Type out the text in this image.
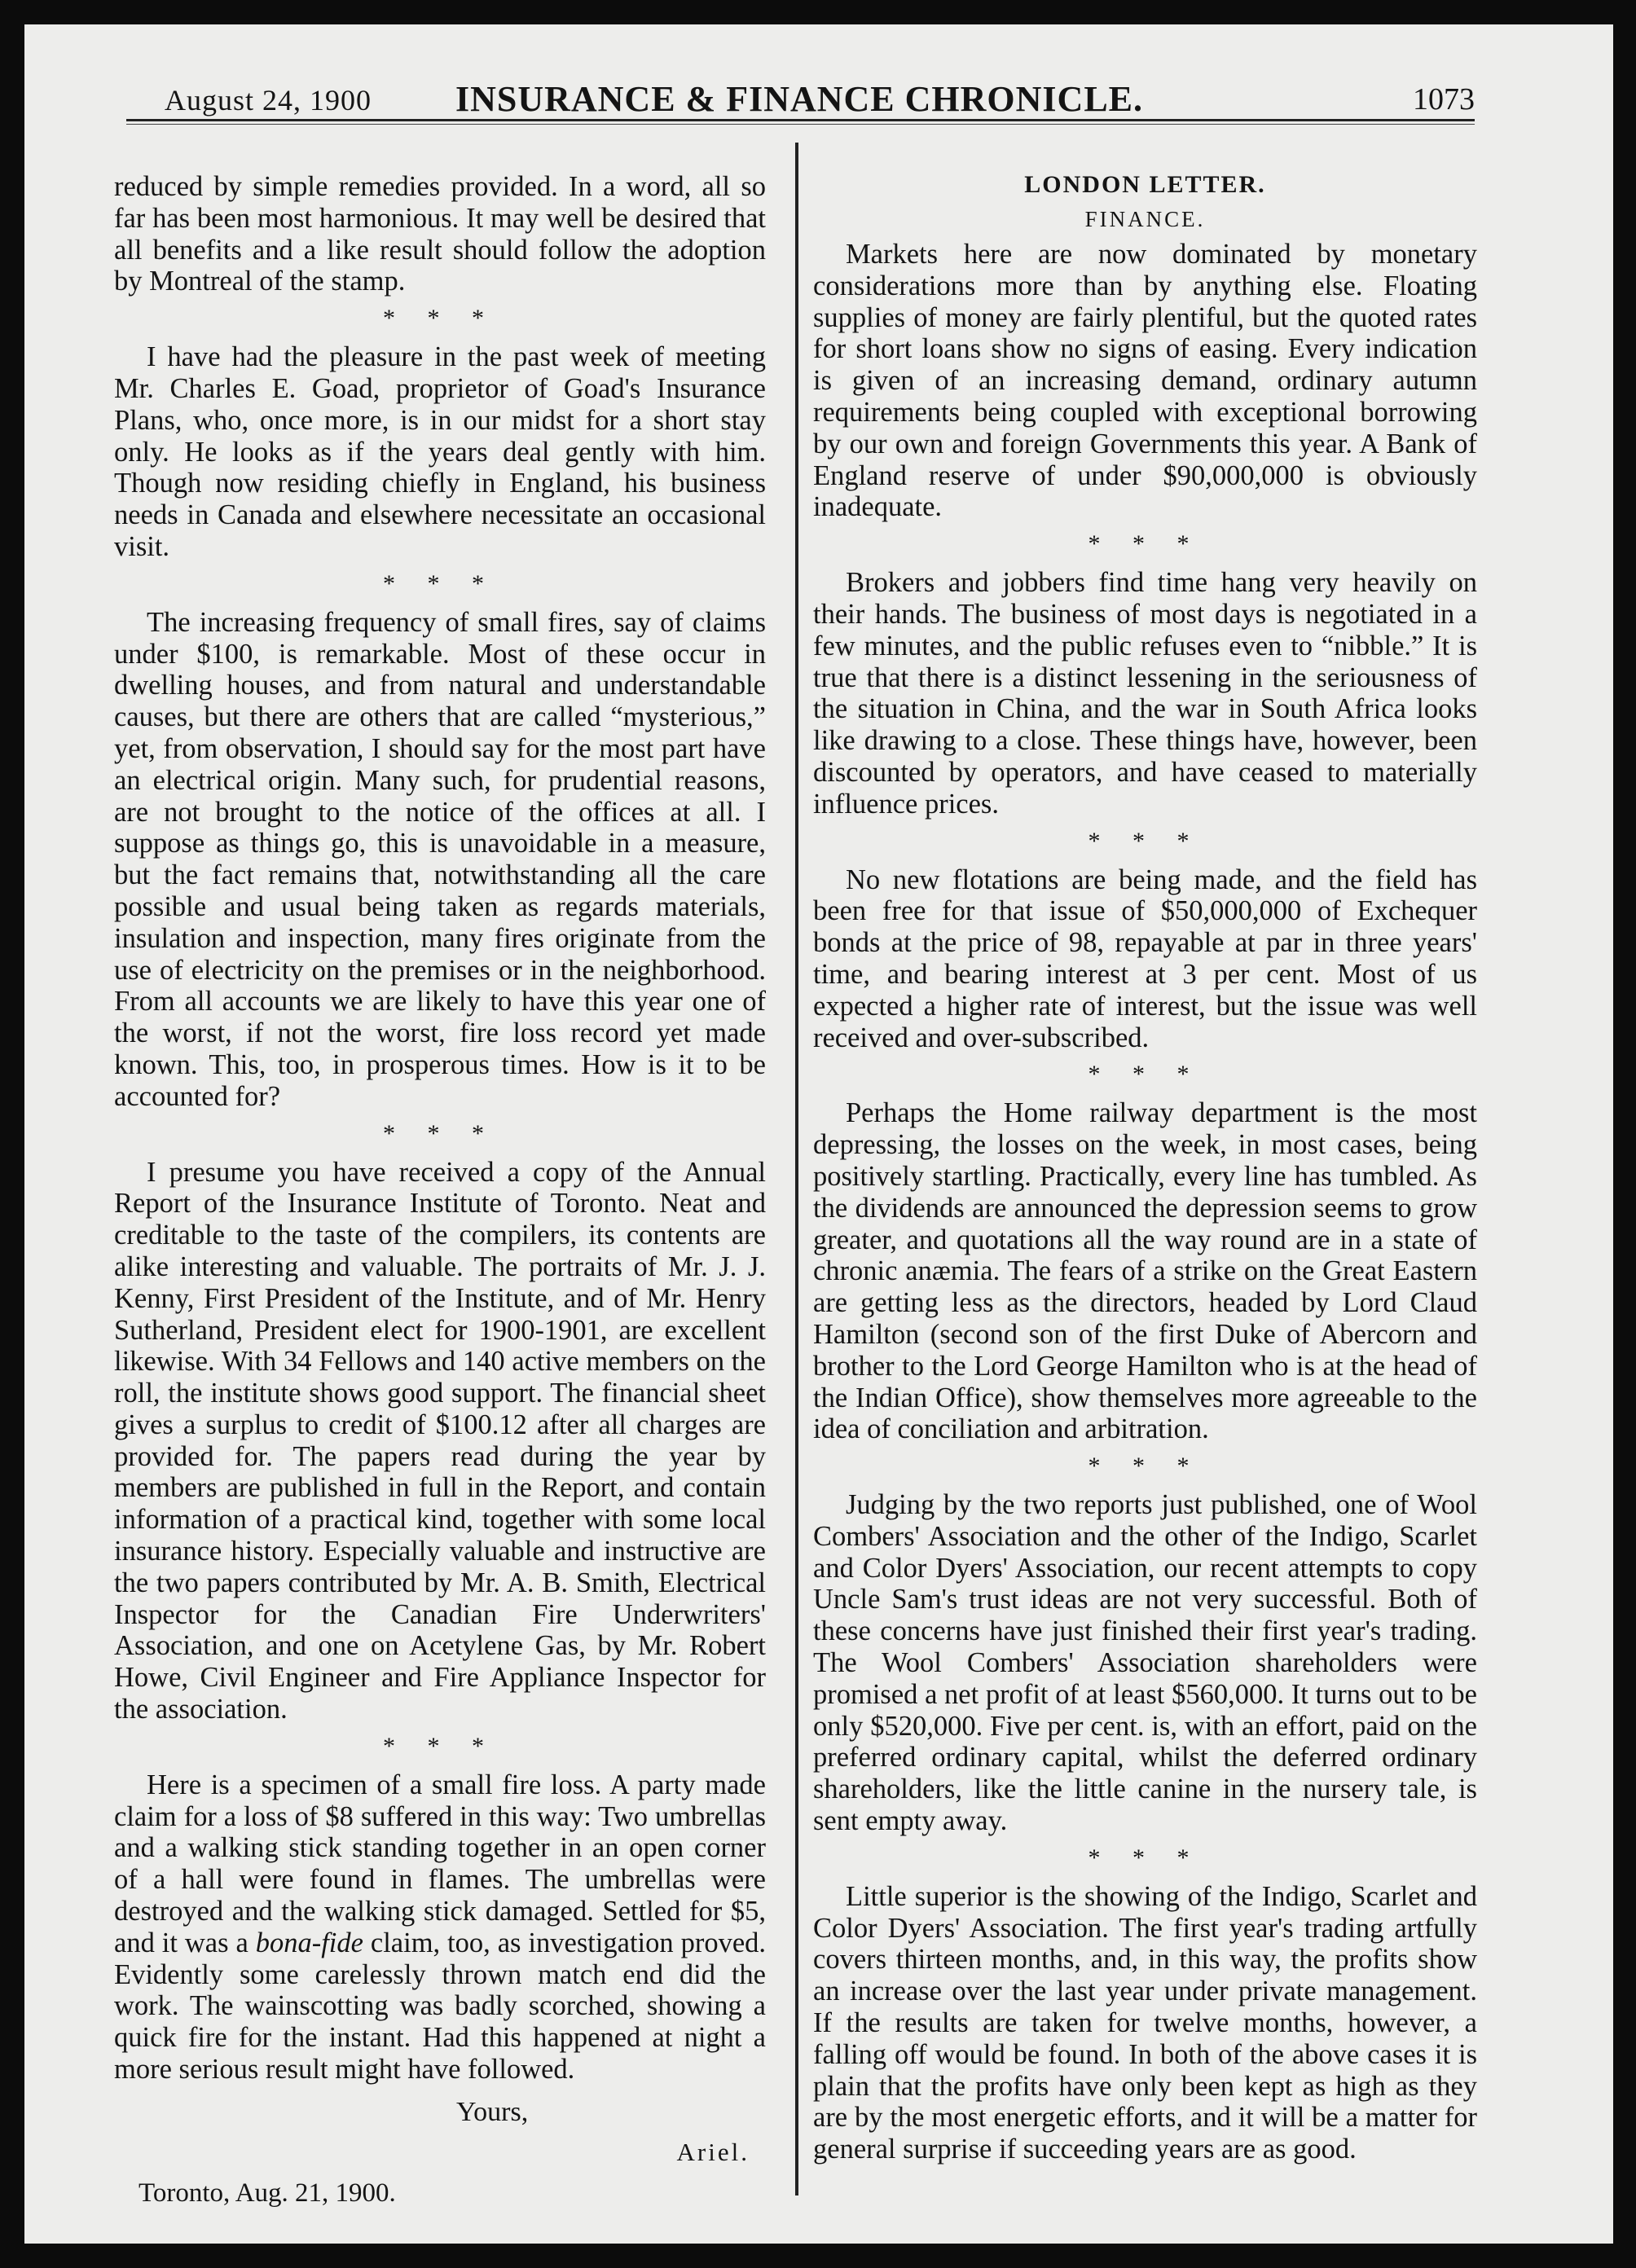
August 24, 1900	INSURANCE & FINANCE CHRONICLE.	1073

reduced by simple remedies provided. In a word, all so far has been most harmonious. It may well be desired that all benefits and a like result should follow the adoption by Montreal of the stamp.

* * *

I have had the pleasure in the past week of meeting Mr. Charles E. Goad, proprietor of Goad's Insurance Plans, who, once more, is in our midst for a short stay only. He looks as if the years deal gently with him. Though now residing chiefly in England, his business needs in Canada and elsewhere necessitate an occasional visit.

* * *

The increasing frequency of small fires, say of claims under $100, is remarkable. Most of these occur in dwelling houses, and from natural and understandable causes, but there are others that are called “mysterious,” yet, from observation, I should say for the most part have an electrical origin. Many such, for prudential reasons, are not brought to the notice of the offices at all. I suppose as things go, this is unavoidable in a measure, but the fact remains that, notwithstanding all the care possible and usual being taken as regards materials, insulation and inspection, many fires originate from the use of electricity on the premises or in the neighborhood. From all accounts we are likely to have this year one of the worst, if not the worst, fire loss record yet made known. This, too, in prosperous times. How is it to be accounted for?

* * *

I presume you have received a copy of the Annual Report of the Insurance Institute of Toronto. Neat and creditable to the taste of the compilers, its contents are alike interesting and valuable. The portraits of Mr. J. J. Kenny, First President of the Institute, and of Mr. Henry Sutherland, President elect for 1900-1901, are excellent likewise. With 34 Fellows and 140 active members on the roll, the institute shows good support. The financial sheet gives a surplus to credit of $100.12 after all charges are provided for. The papers read during the year by members are published in full in the Report, and contain information of a practical kind, together with some local insurance history. Especially valuable and instructive are the two papers contributed by Mr. A. B. Smith, Electrical Inspector for the Canadian Fire Underwriters' Association, and one on Acetylene Gas, by Mr. Robert Howe, Civil Engineer and Fire Appliance Inspector for the association.

* * *

Here is a specimen of a small fire loss. A party made claim for a loss of $8 suffered in this way: Two umbrellas and a walking stick standing together in an open corner of a hall were found in flames. The umbrellas were destroyed and the walking stick damaged. Settled for $5, and it was a bona-fide claim, too, as investigation proved. Evidently some carelessly thrown match end did the work. The wainscotting was badly scorched, showing a quick fire for the instant. Had this happened at night a more serious result might have followed.

Yours,
Ariel.
Toronto, Aug. 21, 1900.
LONDON LETTER.
FINANCE.

Markets here are now dominated by monetary considerations more than by anything else. Floating supplies of money are fairly plentiful, but the quoted rates for short loans show no signs of easing. Every indication is given of an increasing demand, ordinary autumn requirements being coupled with exceptional borrowing by our own and foreign Governments this year. A Bank of England reserve of under $90,000,000 is obviously inadequate.

* * *

Brokers and jobbers find time hang very heavily on their hands. The business of most days is negotiated in a few minutes, and the public refuses even to “nibble.” It is true that there is a distinct lessening in the seriousness of the situation in China, and the war in South Africa looks like drawing to a close. These things have, however, been discounted by operators, and have ceased to materially influence prices.

* * *

No new flotations are being made, and the field has been free for that issue of $50,000,000 of Exchequer bonds at the price of 98, repayable at par in three years' time, and bearing interest at 3 per cent. Most of us expected a higher rate of interest, but the issue was well received and over-subscribed.

* * *

Perhaps the Home railway department is the most depressing, the losses on the week, in most cases, being positively startling. Practically, every line has tumbled. As the dividends are announced the depression seems to grow greater, and quotations all the way round are in a state of chronic anæmia. The fears of a strike on the Great Eastern are getting less as the directors, headed by Lord Claud Hamilton (second son of the first Duke of Abercorn and brother to the Lord George Hamilton who is at the head of the Indian Office), show themselves more agreeable to the idea of conciliation and arbitration.

* * *

Judging by the two reports just published, one of Wool Combers' Association and the other of the Indigo, Scarlet and Color Dyers' Association, our recent attempts to copy Uncle Sam's trust ideas are not very successful. Both of these concerns have just finished their first year's trading. The Wool Combers' Association shareholders were promised a net profit of at least $560,000. It turns out to be only $520,000. Five per cent. is, with an effort, paid on the preferred ordinary capital, whilst the deferred ordinary shareholders, like the little canine in the nursery tale, is sent empty away.

* * *

Little superior is the showing of the Indigo, Scarlet and Color Dyers' Association. The first year's trading artfully covers thirteen months, and, in this way, the profits show an increase over the last year under private management. If the results are taken for twelve months, however, a falling off would be found. In both of the above cases it is plain that the profits have only been kept as high as they are by the most energetic efforts, and it will be a matter for general surprise if succeeding years are as good.
